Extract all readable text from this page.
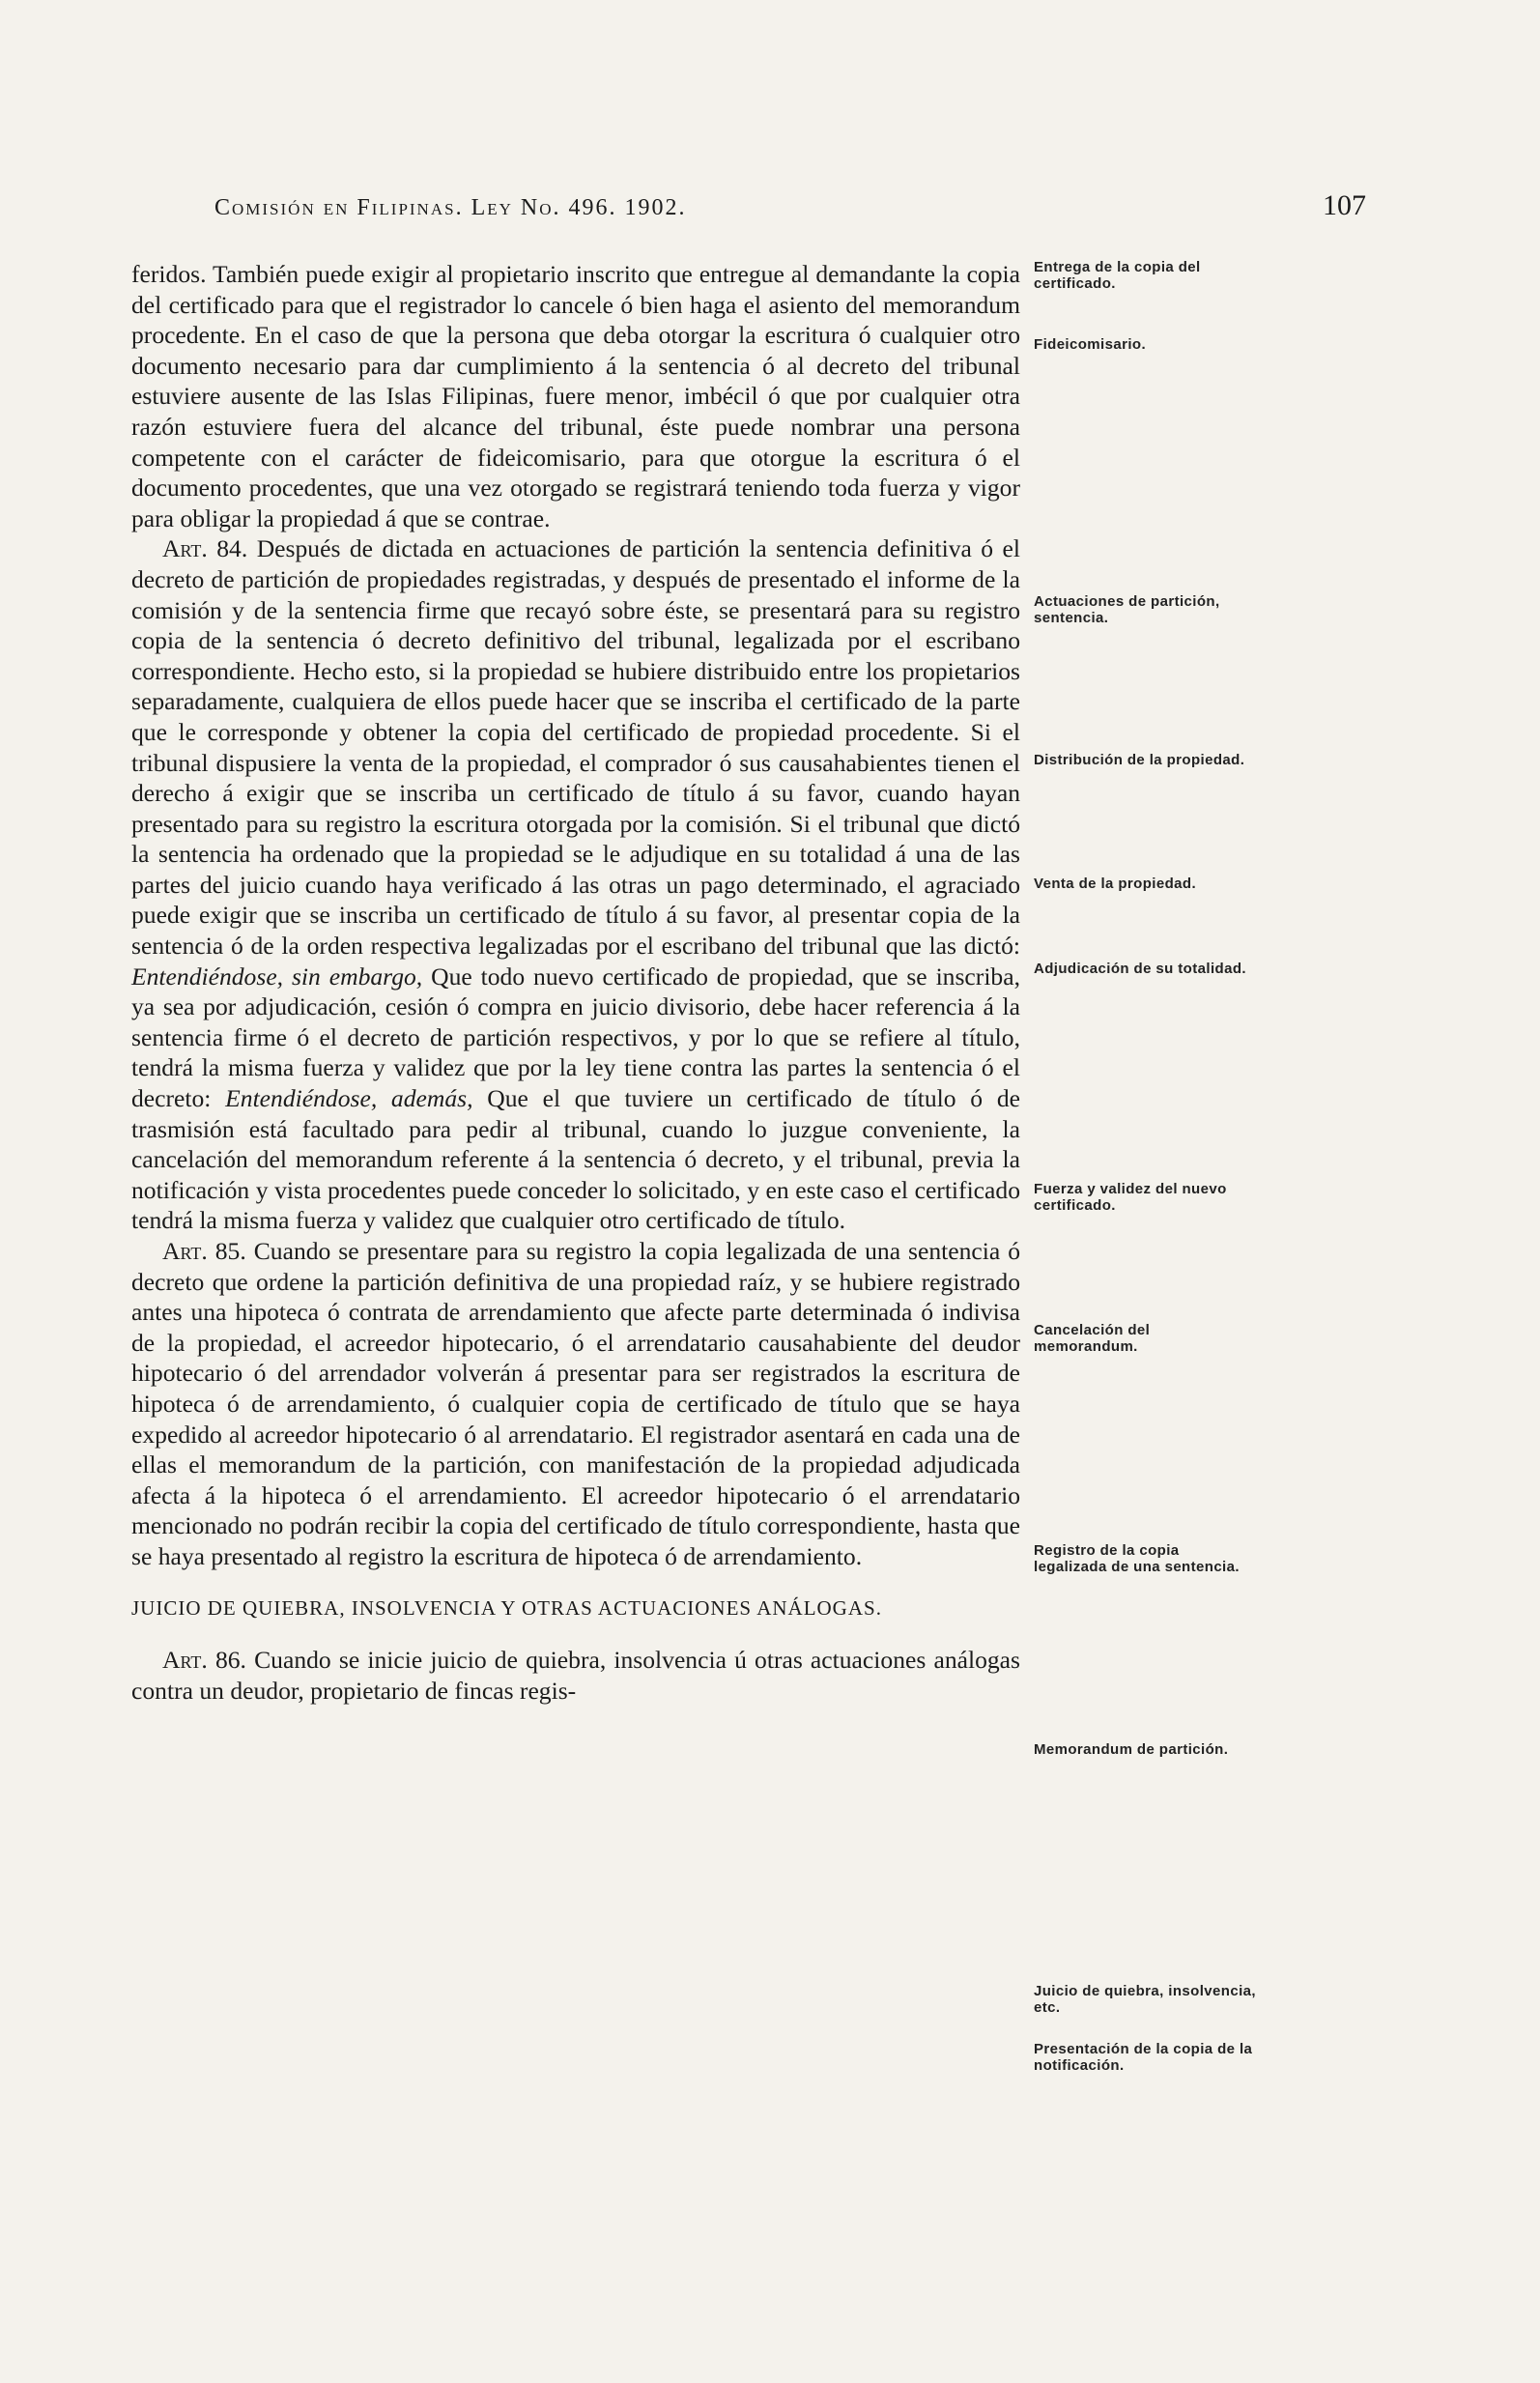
Comisión en Filipinas. Ley No. 496. 1902.	107

feridos. También puede exigir al propietario inscrito que entregue al demandante la copia del certificado para que el registrador lo cancele ó bien haga el asiento del memorandum procedente. En el caso de que la persona que deba otorgar la escritura ó cualquier otro documento necesario para dar cumplimiento á la sentencia ó al decreto del tribunal estuviere ausente de las Islas Filipinas, fuere menor, imbécil ó que por cualquier otra razón estuviere fuera del alcance del tribunal, éste puede nombrar una persona competente con el carácter de fideicomisario, para que otorgue la escritura ó el documento procedentes, que una vez otorgado se registrará teniendo toda fuerza y vigor para obligar la propiedad á que se contrae.

Art. 84. Después de dictada en actuaciones de partición la sentencia definitiva ó el decreto de partición de propiedades registradas, y después de presentado el informe de la comisión y de la sentencia firme que recayó sobre éste, se presentará para su registro copia de la sentencia ó decreto definitivo del tribunal, legalizada por el escribano correspondiente. Hecho esto, si la propiedad se hubiere distribuido entre los propietarios separadamente, cualquiera de ellos puede hacer que se inscriba el certificado de la parte que le corresponde y obtener la copia del certificado de propiedad procedente. Si el tribunal dispusiere la venta de la propiedad, el comprador ó sus causahabientes tienen el derecho á exigir que se inscriba un certificado de título á su favor, cuando hayan presentado para su registro la escritura otorgada por la comisión. Si el tribunal que dictó la sentencia ha ordenado que la propiedad se le adjudique en su totalidad á una de las partes del juicio cuando haya verificado á las otras un pago determinado, el agraciado puede exigir que se inscriba un certificado de título á su favor, al presentar copia de la sentencia ó de la orden respectiva legalizadas por el escribano del tribunal que las dictó: Entendiéndose, sin embargo, Que todo nuevo certificado de propiedad, que se inscriba, ya sea por adjudicación, cesión ó compra en juicio divisorio, debe hacer referencia á la sentencia firme ó el decreto de partición respectivos, y por lo que se refiere al título, tendrá la misma fuerza y validez que por la ley tiene contra las partes la sentencia ó el decreto: Entendiéndose, además, Que el que tuviere un certificado de título ó de trasmisión está facultado para pedir al tribunal, cuando lo juzgue conveniente, la cancelación del memorandum referente á la sentencia ó decreto, y el tribunal, previa la notificación y vista procedentes puede conceder lo solicitado, y en este caso el certificado tendrá la misma fuerza y validez que cualquier otro certificado de título.

Art. 85. Cuando se presentare para su registro la copia legalizada de una sentencia ó decreto que ordene la partición definitiva de una propiedad raíz, y se hubiere registrado antes una hipoteca ó contrata de arrendamiento que afecte parte determinada ó indivisa de la propiedad, el acreedor hipotecario, ó el arrendatario causahabiente del deudor hipotecario ó del arrendador volverán á presentar para ser registrados la escritura de hipoteca ó de arrendamiento, ó cualquier copia de certificado de título que se haya expedido al acreedor hipotecario ó al arrendatario. El registrador asentará en cada una de ellas el memorandum de la partición, con manifestación de la propiedad adjudicada afecta á la hipoteca ó el arrendamiento. El acreedor hipotecario ó el arrendatario mencionado no podrán recibir la copia del certificado de título correspondiente, hasta que se haya presentado al registro la escritura de hipoteca ó de arrendamiento.

JUICIO DE QUIEBRA, INSOLVENCIA Y OTRAS ACTUACIONES ANÁLOGAS.

Art. 86. Cuando se inicie juicio de quiebra, insolvencia ú otras actuaciones análogas contra un deudor, propietario de fincas regis-

Entrega de la copia del certificado.
Fideicomisario.
Actuaciones de partición, sentencia.
Distribución de la propiedad.
Venta de la propiedad.
Adjudicación de su totalidad.
Fuerza y validez del nuevo certificado.
Cancelación del memorandum.
Registro de la copia legalizada de una sentencia.
Memorandum de partición.
Juicio de quiebra, insolvencia, etc.
Presentación de la copia de la notificación.
